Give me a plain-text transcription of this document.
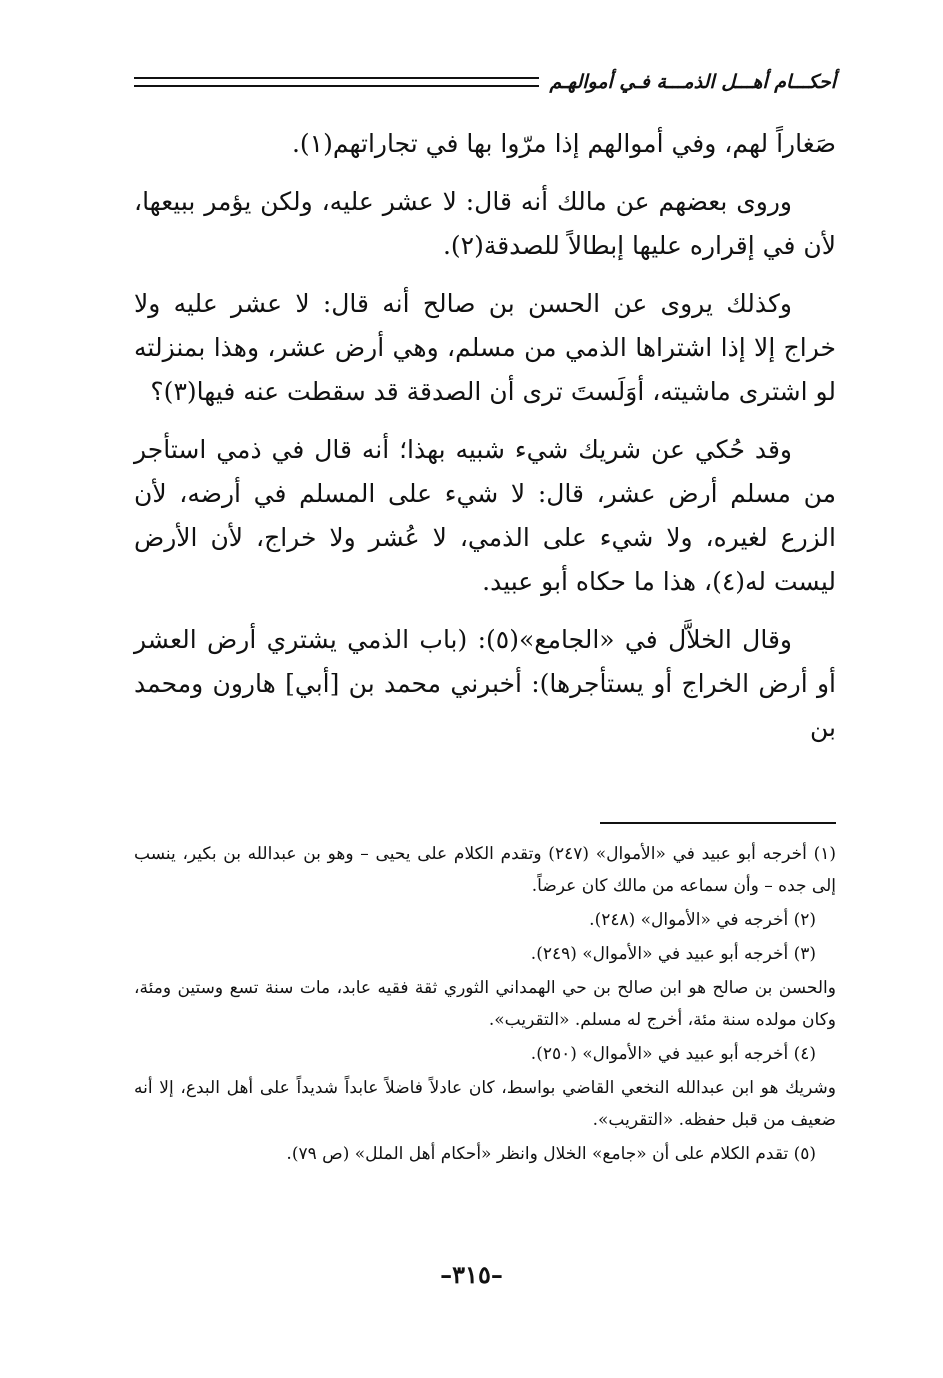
أحكـــام أهـــل الذمـــة فـي أموالهـم

صَغاراً لهم، وفي أموالهم إذا مرّوا بها في تجاراتهم(١).

وروى بعضهم عن مالك أنه قال: لا عشر عليه، ولكن يؤمر ببيعها، لأن في إقراره عليها إبطالاً للصدقة(٢).

وكذلك يروى عن الحسن بن صالح أنه قال: لا عشر عليه ولا خراج إلا إذا اشتراها الذمي من مسلم، وهي أرض عشر، وهذا بمنزلته لو اشترى ماشيته، أوَلَستَ ترى أن الصدقة قد سقطت عنه فيها(٣)؟

وقد حُكي عن شريك شيء شبيه بهذا؛ أنه قال في ذمي استأجر من مسلم أرض عشر، قال: لا شيء على المسلم في أرضه، لأن الزرع لغيره، ولا شيء على الذمي، لا عُشر ولا خراج، لأن الأرض ليست له(٤)، هذا ما حكاه أبو عبيد.

وقال الخلاَّل في «الجامع»(٥): (باب الذمي يشتري أرض العشر أو أرض الخراج أو يستأجرها): أخبرني محمد بن [أبي] هارون ومحمد بن

(١) أخرجه أبو عبيد في «الأموال» (٢٤٧) وتقدم الكلام على يحيى – وهو بن عبدالله بن بكير، ينسب إلى جده – وأن سماعه من مالك كان عرضاً.

(٢) أخرجه في «الأموال» (٢٤٨).

(٣) أخرجه أبو عبيد في «الأموال» (٢٤٩).

والحسن بن صالح هو ابن صالح بن حي الهمداني الثوري ثقة فقيه عابد، مات سنة تسع وستين ومئة، وكان مولده سنة مئة، أخرج له مسلم. «التقريب».

(٤) أخرجه أبو عبيد في «الأموال» (٢٥٠).

وشريك هو ابن عبدالله النخعي القاضي بواسط، كان عادلاً فاضلاً عابداً شديداً على أهل البدع، إلا أنه ضعيف من قبل حفظه. «التقريب».

(٥) تقدم الكلام على أن «جامع» الخلال وانظر «أحكام أهل الملل» (ص ٧٩).

–٣١٥–
